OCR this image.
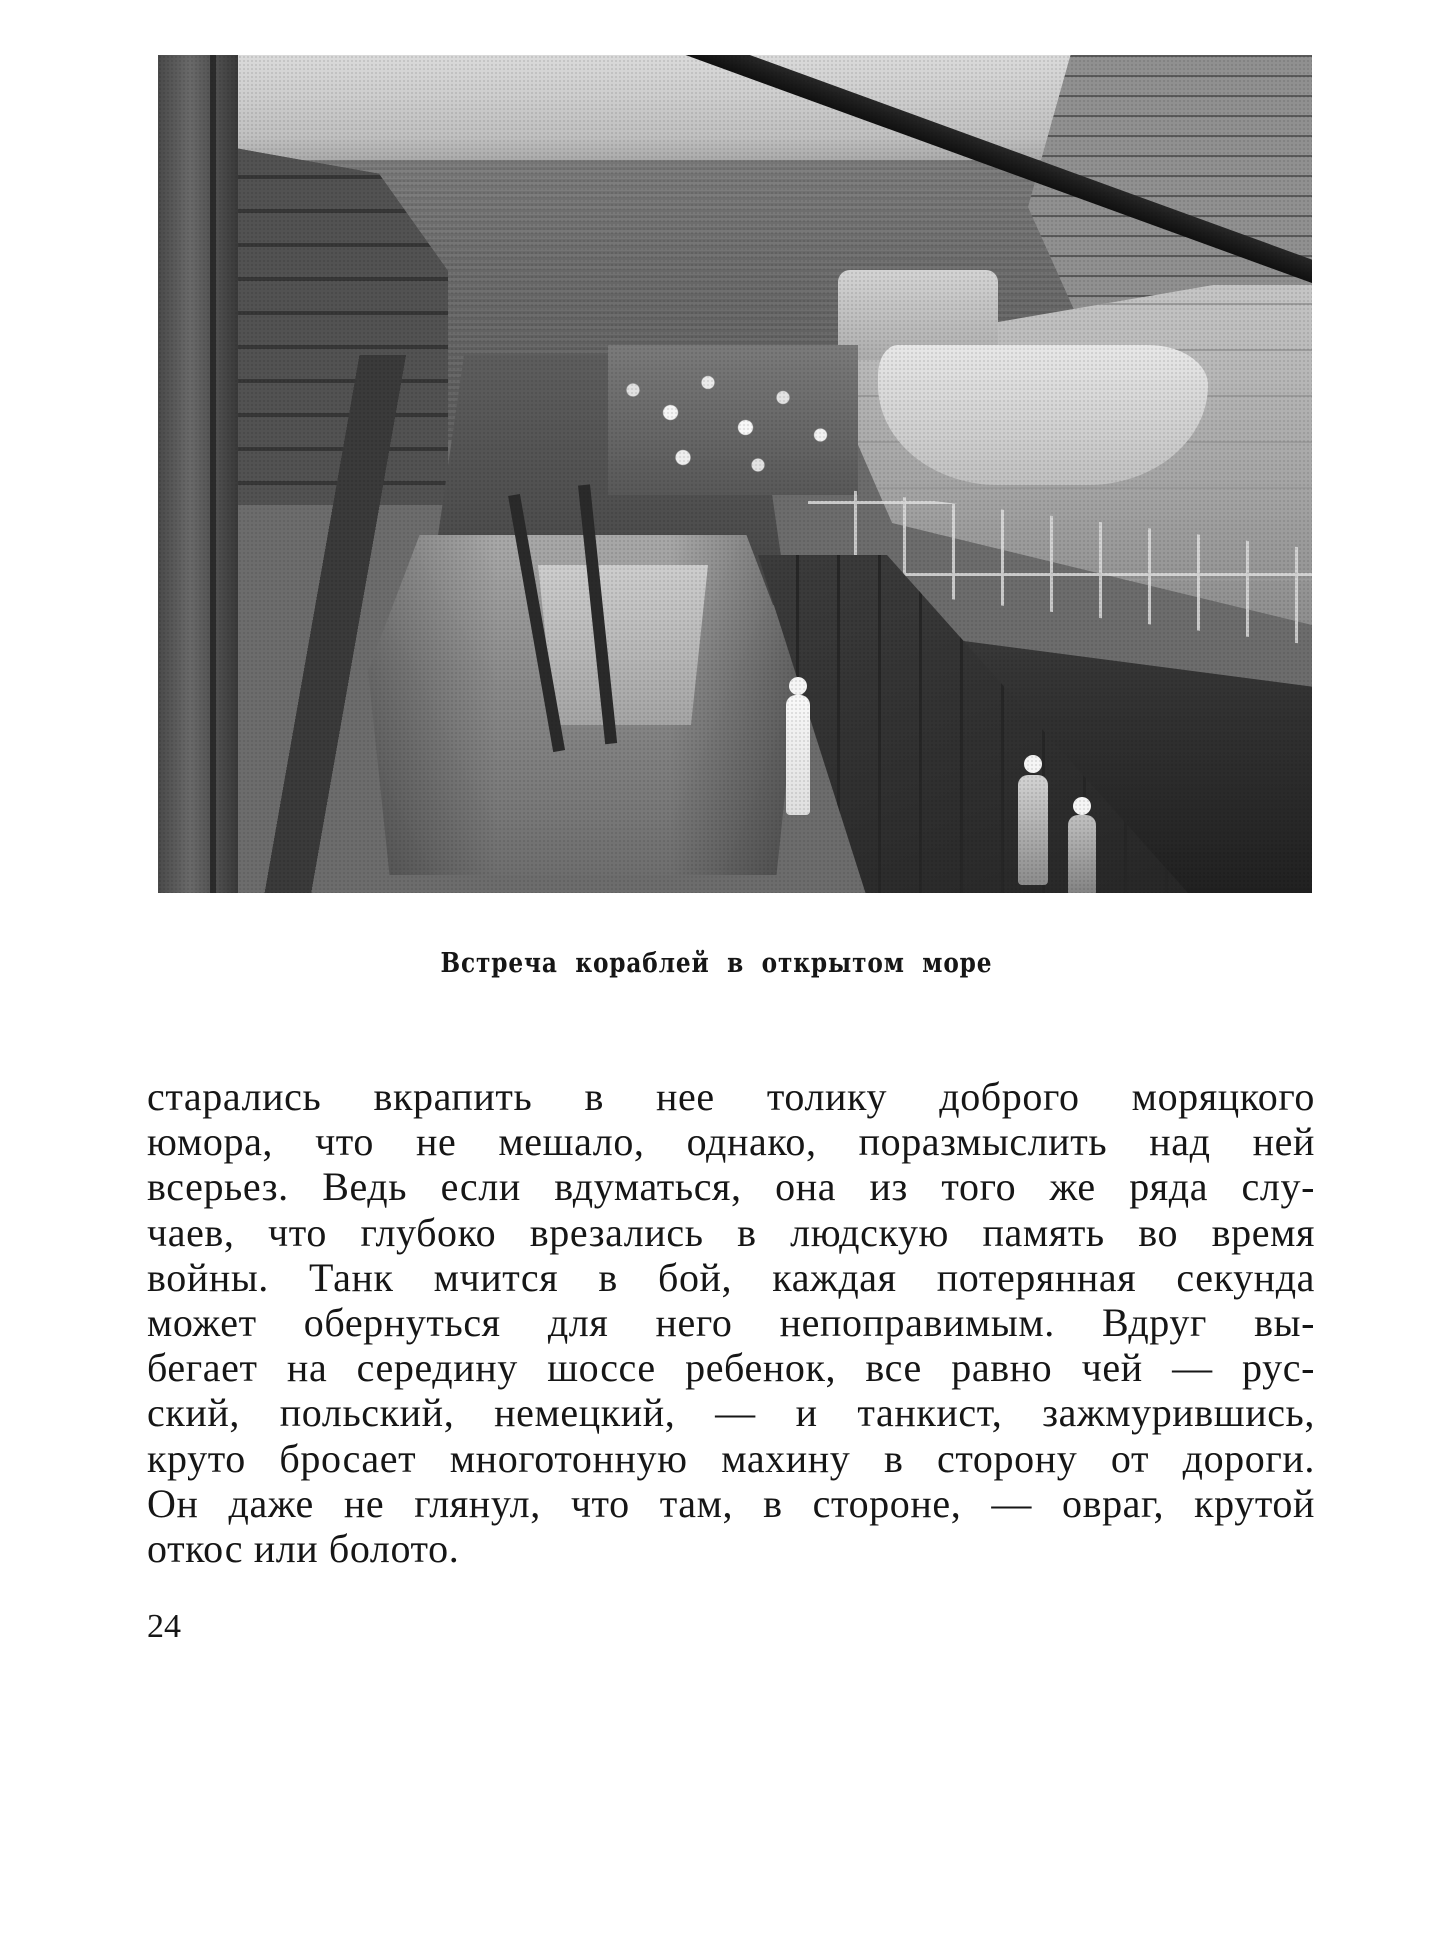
Встреча кораблей в открытом море
старались вкрапить в нее толику доброго моряцкого
юмора, что не мешало, однако, поразмыслить над ней
всерьез. Ведь если вдуматься, она из того же ряда слу-
чаев, что глубоко врезались в людскую память во время
войны. Танк мчится в бой, каждая потерянная секунда
может обернуться для него непоправимым. Вдруг вы-
бегает на середину шоссе ребенок, все равно чей — рус-
ский, польский, немецкий, — и танкист, зажмурившись,
круто бросает многотонную махину в сторону от дороги.
Он даже не глянул, что там, в стороне, — овраг, крутой
откос или болото.
24
